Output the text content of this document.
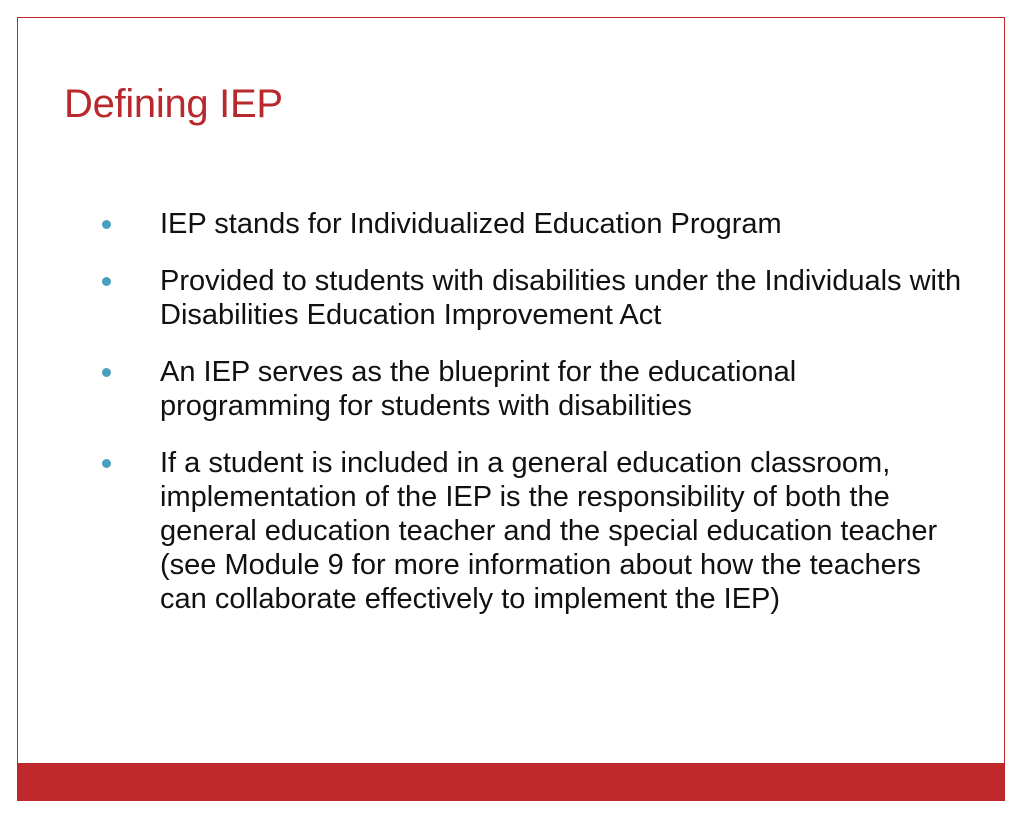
Defining IEP
IEP stands for Individualized Education Program
Provided to students with disabilities under the Individuals with Disabilities Education Improvement Act
An IEP serves as the blueprint for the educational programming for students with disabilities
If a student is included in a general education classroom, implementation of the IEP is the responsibility of both the general education teacher and the special education teacher (see Module 9 for more information about how the teachers can collaborate effectively to implement the IEP)
